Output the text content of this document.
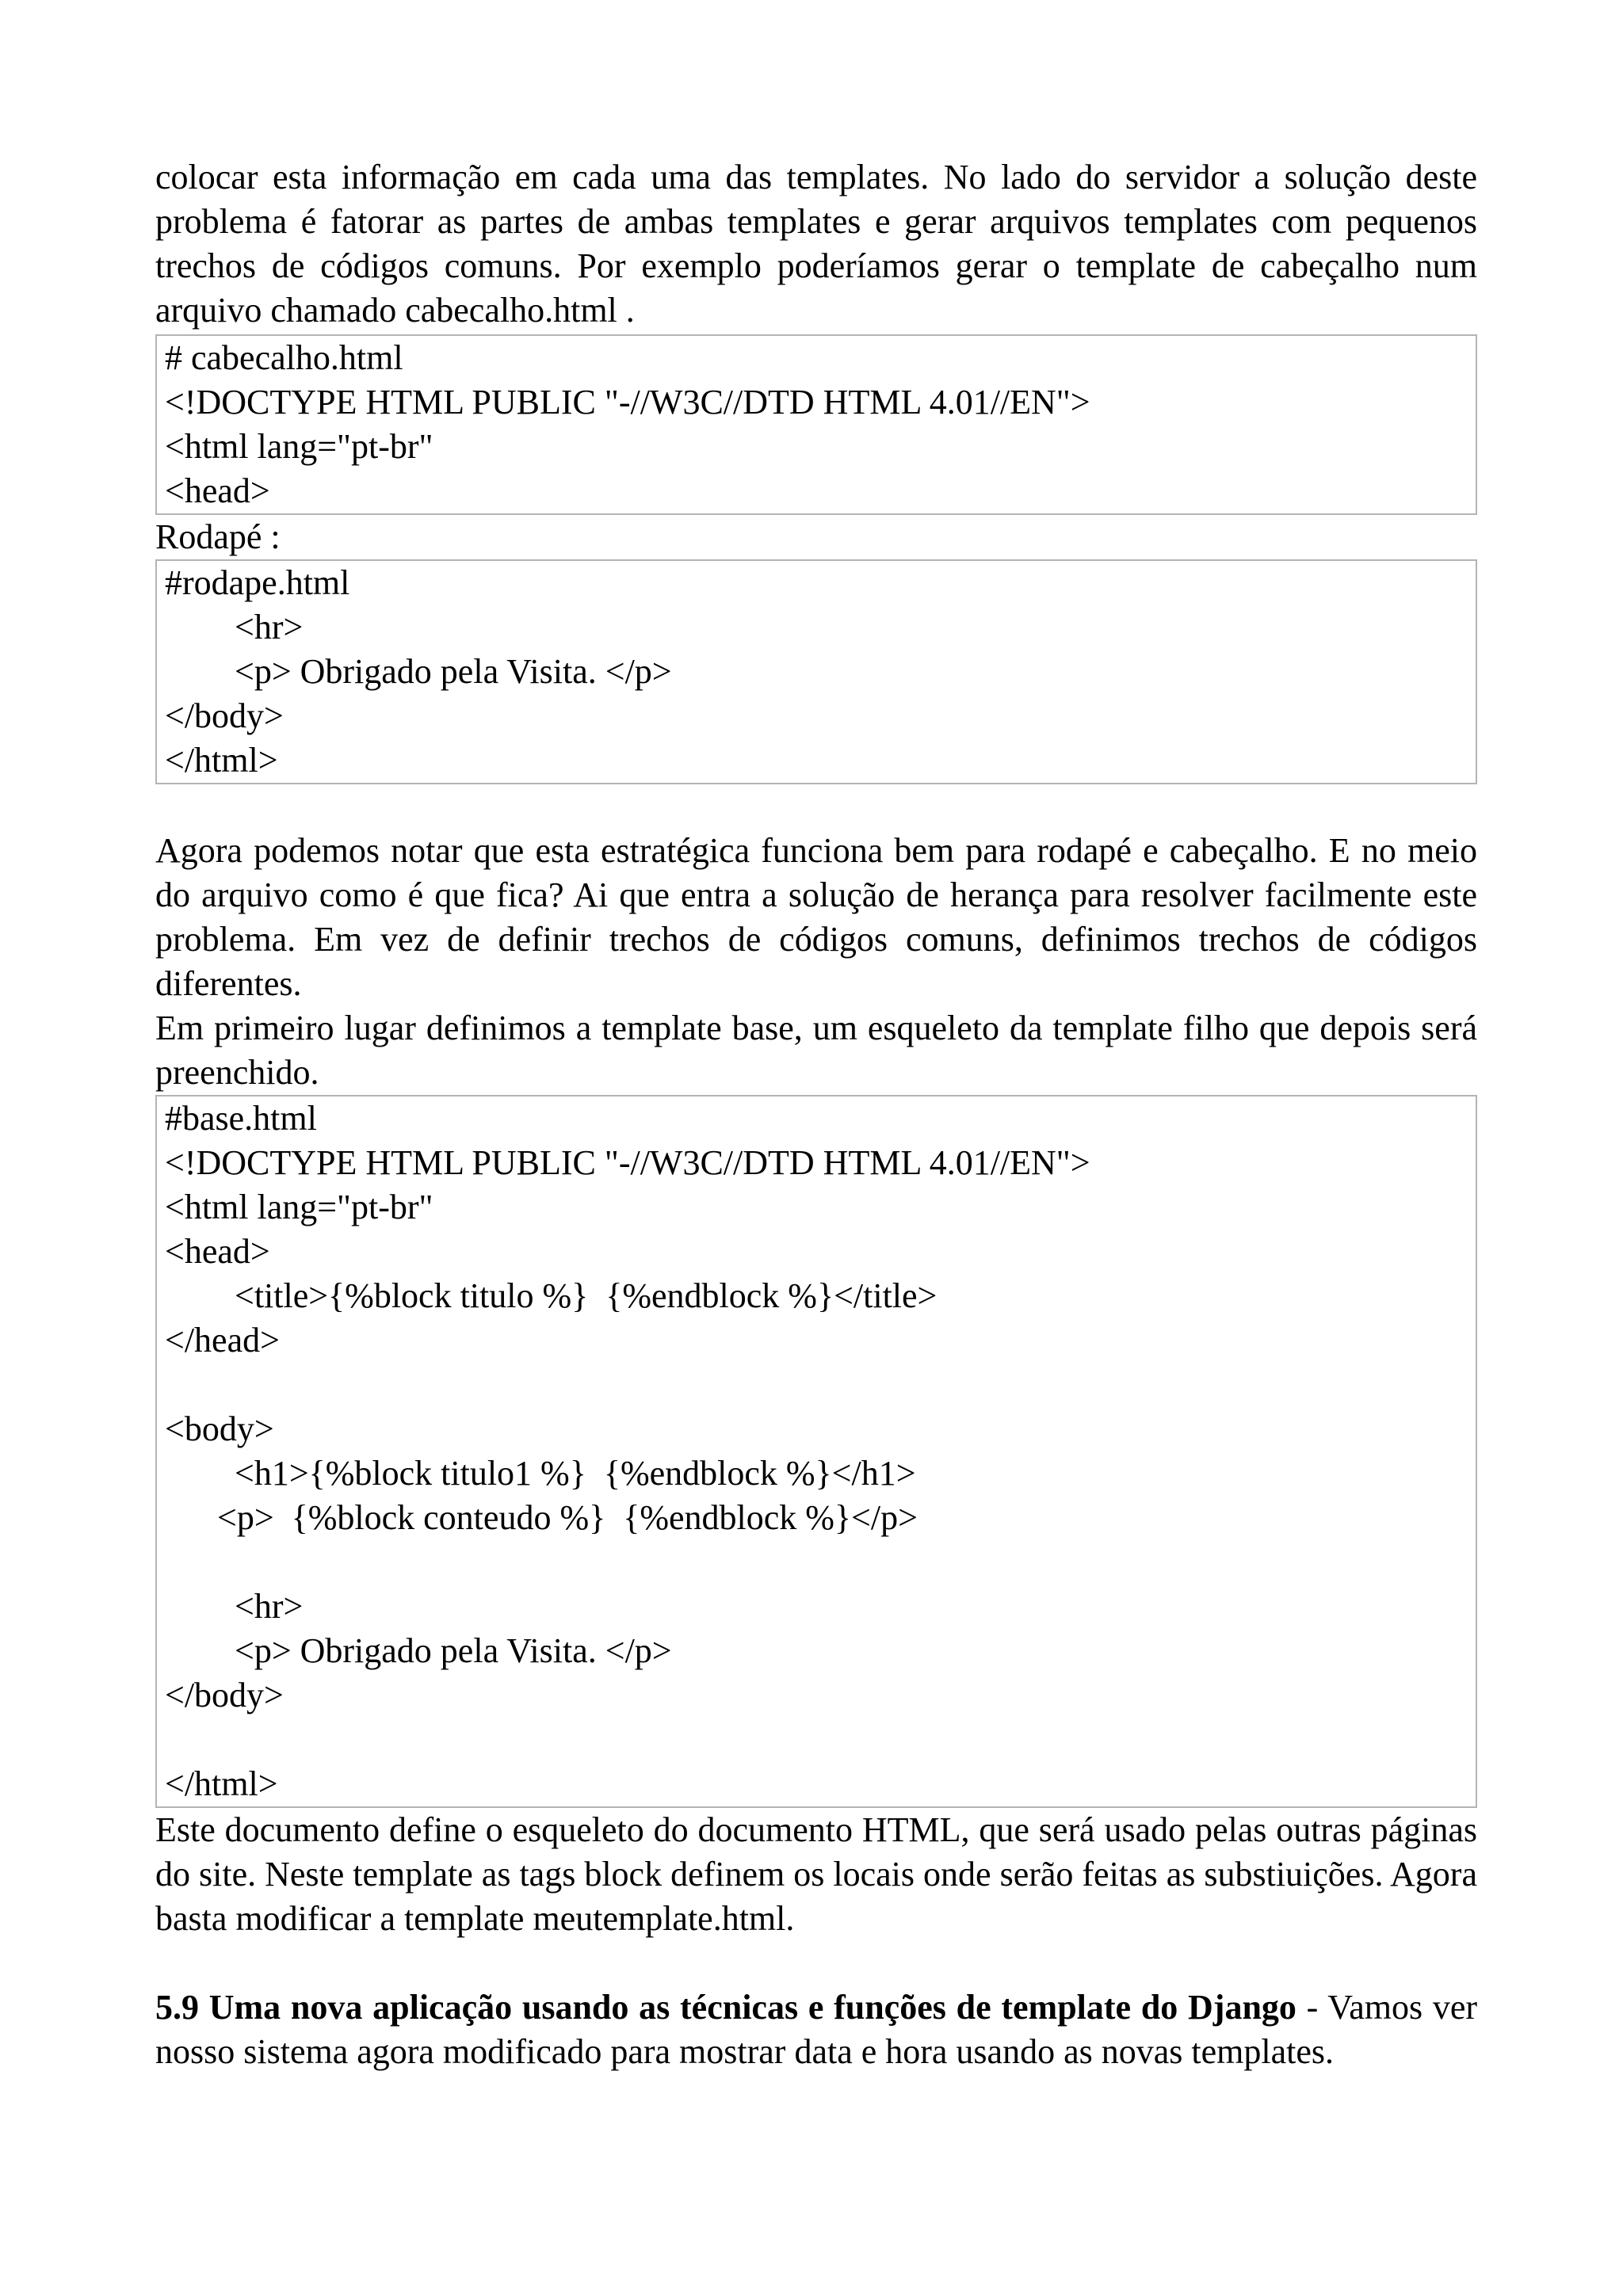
colocar esta informação em cada uma das templates. No lado do servidor a solução deste problema é fatorar as partes de ambas templates e gerar arquivos templates com pequenos trechos de códigos comuns. Por exemplo poderíamos gerar o template de cabeçalho num arquivo chamado cabecalho.html .

# cabecalho.html
<!DOCTYPE HTML PUBLIC "-//W3C//DTD HTML 4.01//EN">
<html lang="pt-br"
<head>

Rodapé :

#rodape.html
<hr>
<p> Obrigado pela Visita. </p>
</body>
</html>

Agora podemos notar que esta estratégica funciona bem para rodapé e cabeçalho. E no meio do arquivo como é que fica? Ai que entra a solução de herança para resolver facilmente este problema. Em vez de definir trechos de códigos comuns, definimos trechos de códigos diferentes.

Em primeiro lugar definimos a template base, um esqueleto da template filho que depois será preenchido.

#base.html
<!DOCTYPE HTML PUBLIC "-//W3C//DTD HTML 4.01//EN">
<html lang="pt-br"
<head>
<title>{%block titulo %}  {%endblock %}</title>
</head>
<body>
<h1>{%block titulo1 %}  {%endblock %}</h1>
<p>  {%block conteudo %}  {%endblock %}</p>
<hr>
<p> Obrigado pela Visita. </p>
</body>
</html>

Este documento define o esqueleto do documento HTML, que será usado pelas outras páginas do site. Neste template as tags block definem os locais onde serão feitas as substiuições. Agora basta modificar a template meutemplate.html.

5.9 Uma nova aplicação usando as técnicas e funções de template do Django - Vamos ver nosso sistema agora modificado para mostrar data e hora usando as novas templates.
